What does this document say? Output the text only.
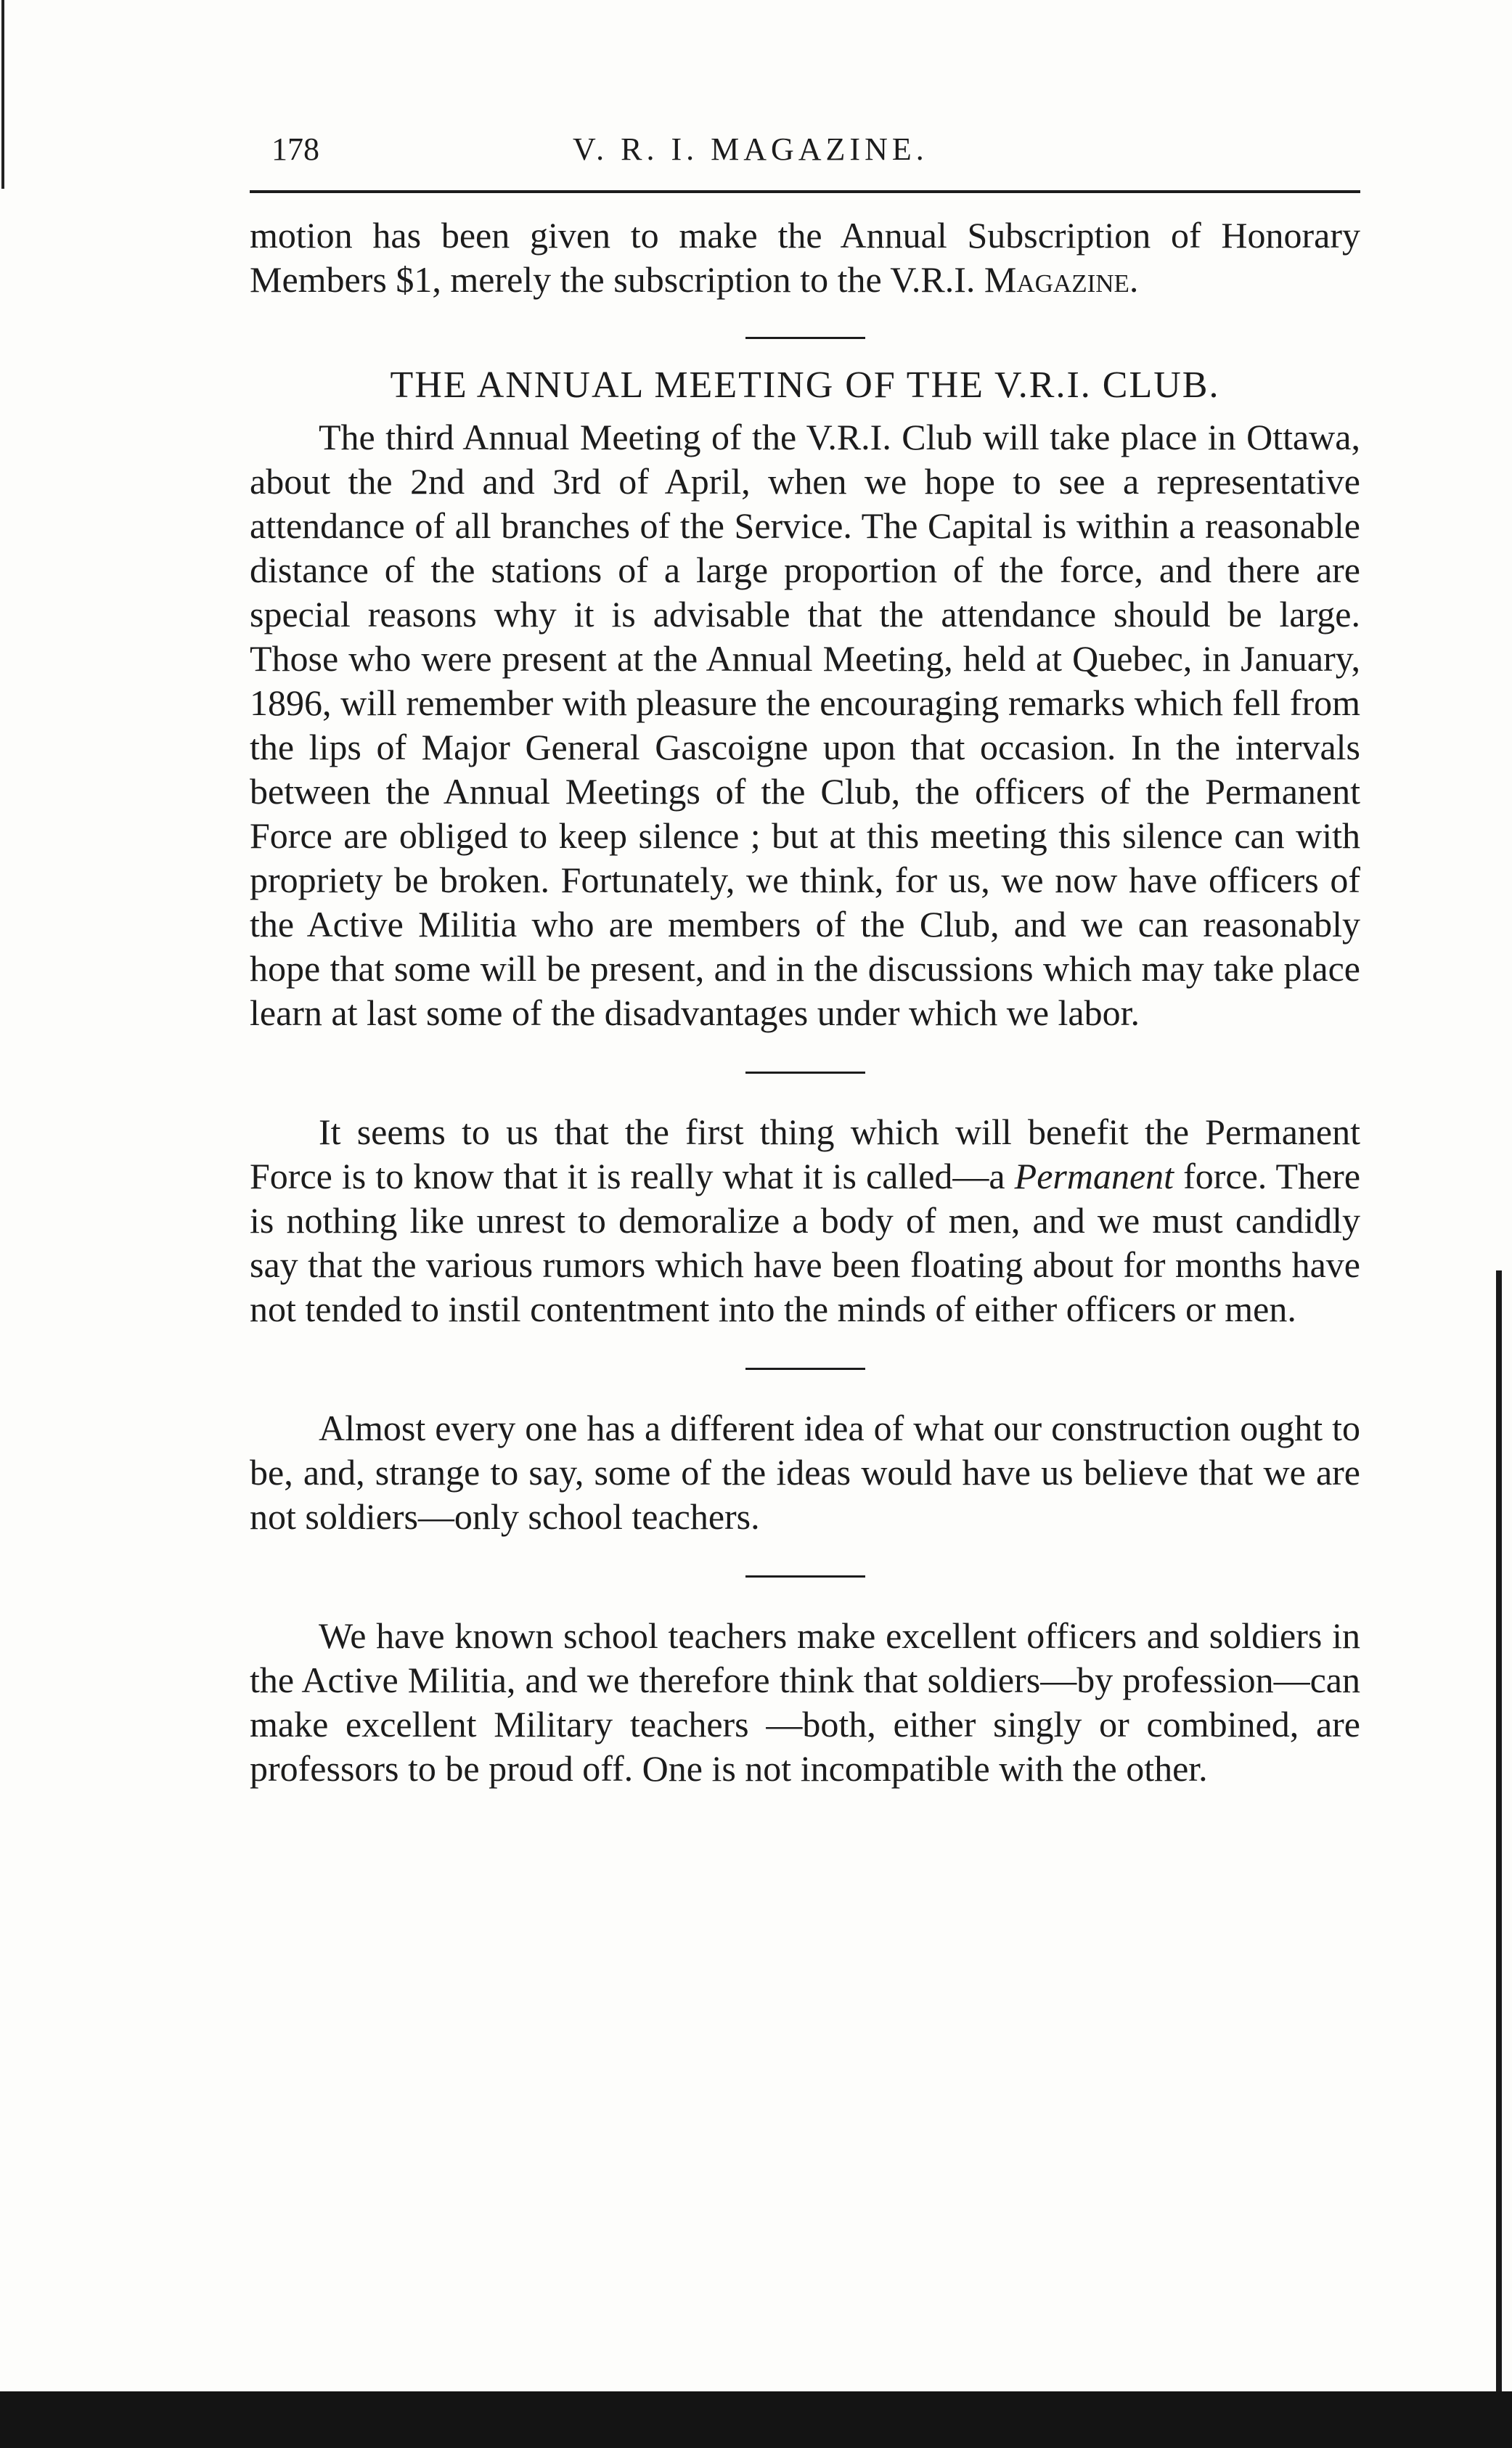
178	V. R. I. MAGAZINE.

motion has been given to make the Annual Subscription of Honorary Members $1, merely the subscription to the V.R.I. Magazine.

THE ANNUAL MEETING OF THE V.R.I. CLUB.

The third Annual Meeting of the V.R.I. Club will take place in Ottawa, about the 2nd and 3rd of April, when we hope to see a representative attendance of all branches of the Service. The Capital is within a reasonable distance of the stations of a large proportion of the force, and there are special reasons why it is advisable that the attendance should be large. Those who were present at the Annual Meeting, held at Quebec, in January, 1896, will remember with pleasure the encouraging remarks which fell from the lips of Major General Gascoigne upon that occasion. In the intervals between the Annual Meetings of the Club, the officers of the Permanent Force are obliged to keep silence ; but at this meeting this silence can with propriety be broken. Fortunately, we think, for us, we now have officers of the Active Militia who are members of the Club, and we can reasonably hope that some will be present, and in the discussions which may take place learn at last some of the disadvantages under which we labor.

It seems to us that the first thing which will benefit the Permanent Force is to know that it is really what it is called—a Permanent force. There is nothing like unrest to demoralize a body of men, and we must candidly say that the various rumors which have been floating about for months have not tended to instil contentment into the minds of either officers or men.

Almost every one has a different idea of what our construction ought to be, and, strange to say, some of the ideas would have us believe that we are not soldiers—only school teachers.

We have known school teachers make excellent officers and soldiers in the Active Militia, and we therefore think that soldiers—by profession—can make excellent Military teachers —both, either singly or combined, are professors to be proud off. One is not incompatible with the other.
